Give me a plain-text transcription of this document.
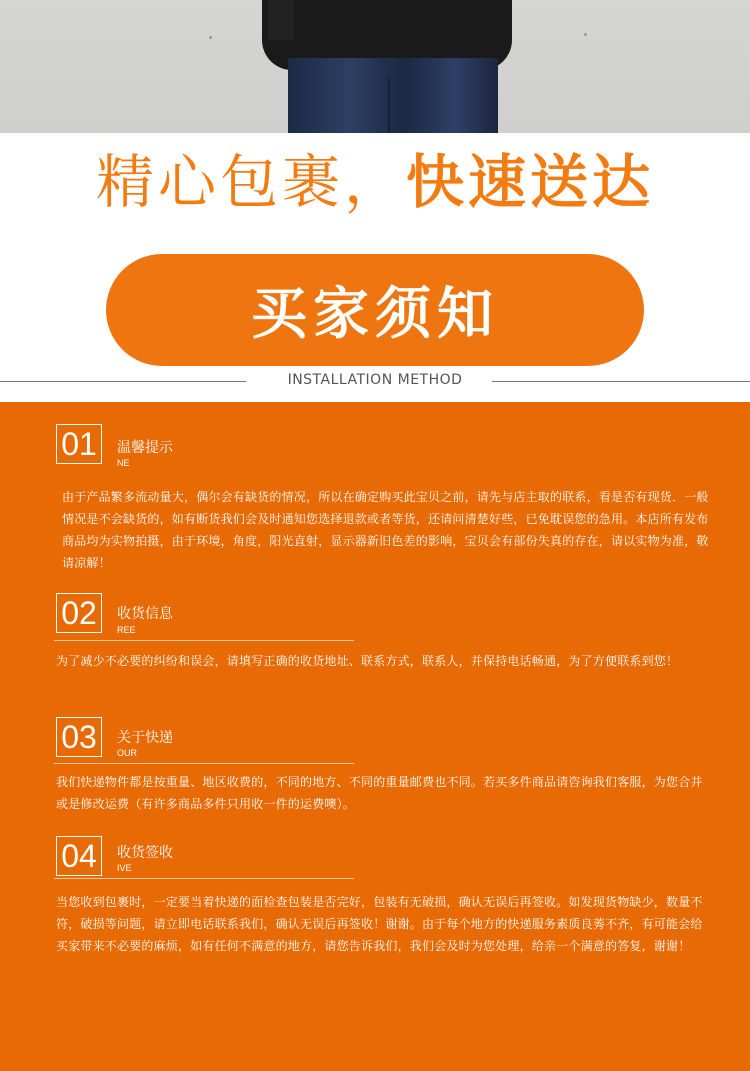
精心包裹，快速送达
买家须知
INSTALLATION METHOD
01	温馨提示
NE

由于产品繁多流动量大，偶尔会有缺货的情况，所以在确定购买此宝贝之前，请先与店主取的联系，看是否有现货．一般情况是不会缺货的，如有断货我们会及时通知您选择退款或者等货，还请问清楚好些，已免耽误您的急用。本店所有发布商品均为实物拍摄，由于环境，角度，阳光直射，显示器新旧色差的影响，宝贝会有部份失真的存在，请以实物为准，敬请凉解！

02	收货信息
REE

为了减少不必要的纠纷和误会，请填写正确的收货地址、联系方式，联系人，并保持电话畅通，为了方便联系到您！

03	关于快递
OUR

我们快递物件都是按重量、地区收费的，不同的地方、不同的重量邮费也不同。若买多件商品请咨询我们客服，为您合并或是修改运费（有许多商品多件只用收一件的运费噢）。

04	收货签收
IVE

当您收到包裹时，一定要当着快递的面检查包装是否完好，包装有无破损，确认无误后再签收。如发现货物缺少，数量不符，破损等问题，请立即电话联系我们，确认无误后再签收！谢谢。由于每个地方的快递服务素质良莠不齐，有可能会给买家带来不必要的麻烦，如有任何不满意的地方，请您告诉我们，我们会及时为您处理，给亲一个满意的答复，谢谢！
